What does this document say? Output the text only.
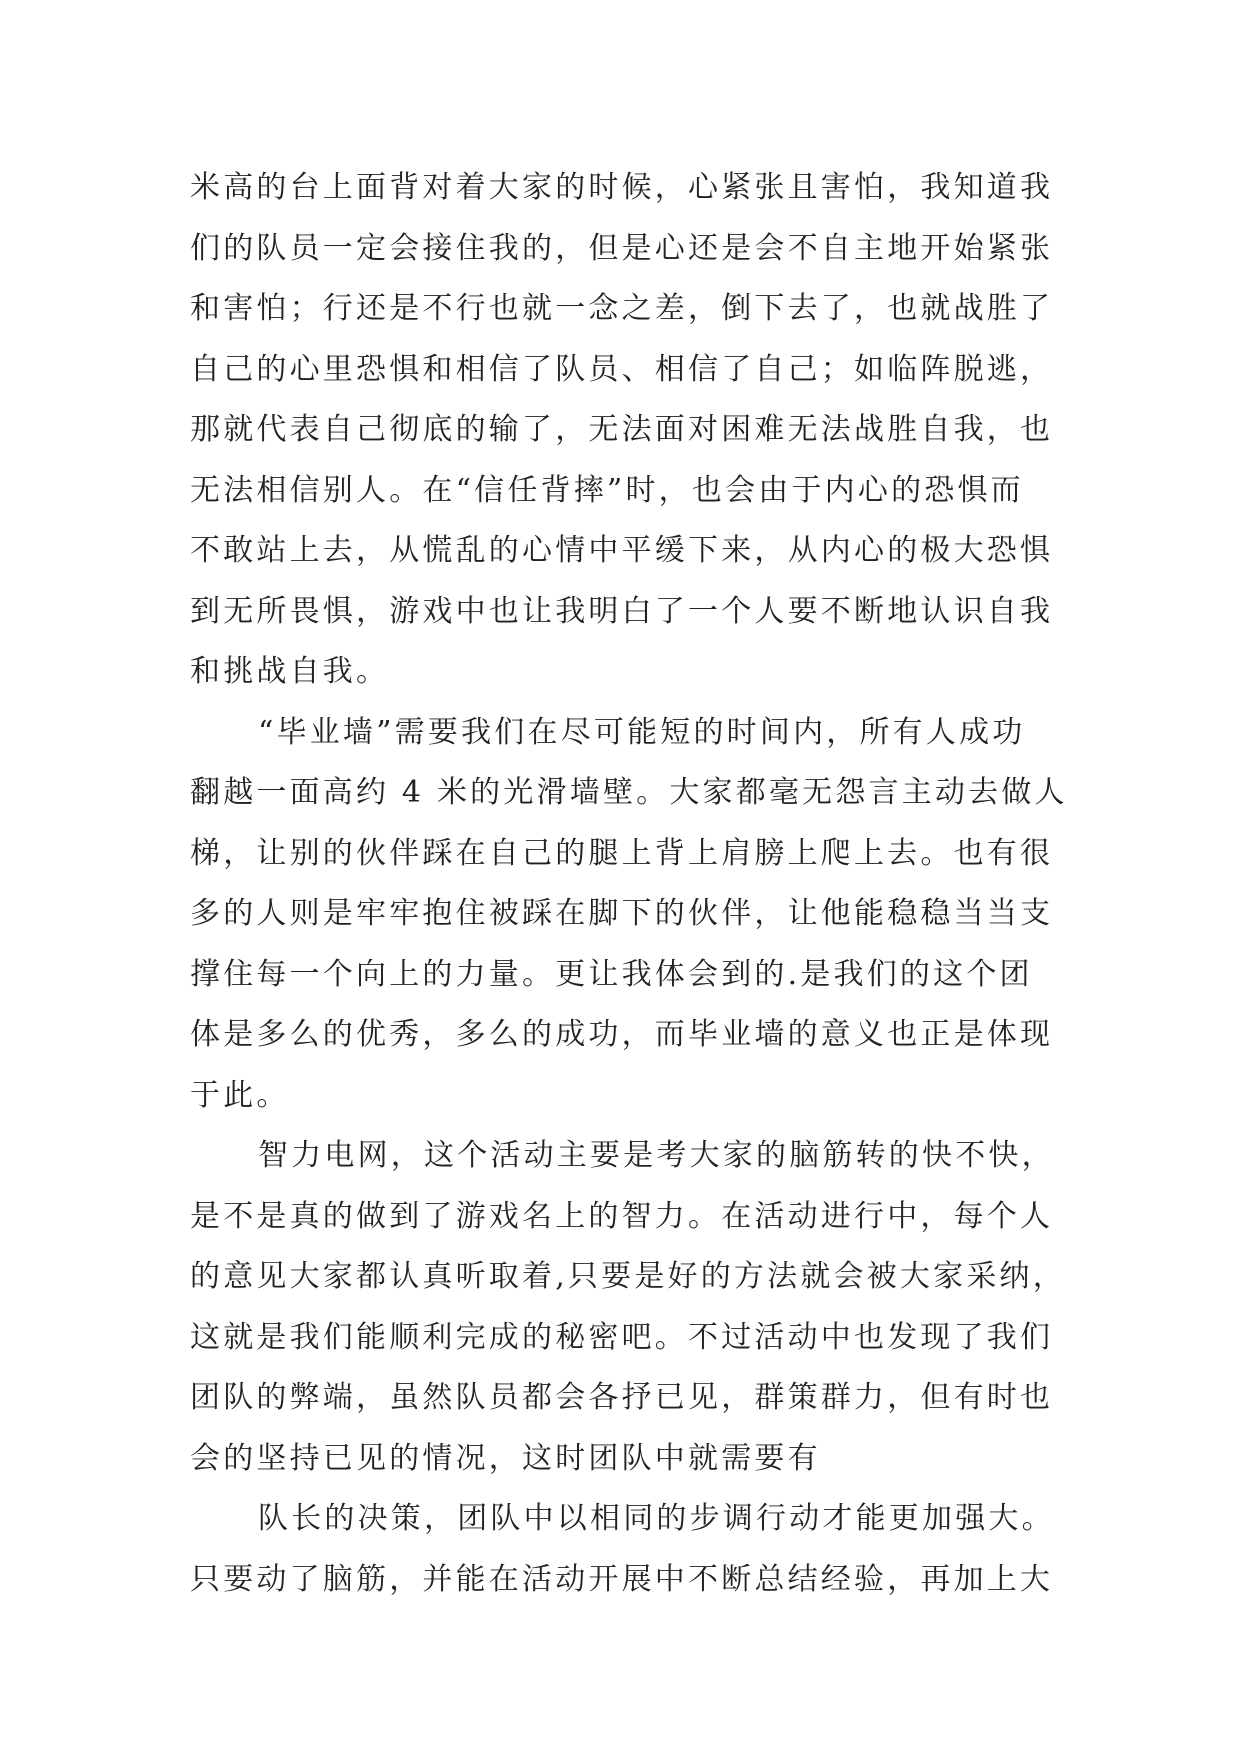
米高的台上面背对着大家的时候，心紧张且害怕，我知道我
们的队员一定会接住我的，但是心还是会不自主地开始紧张
和害怕；行还是不行也就一念之差，倒下去了，也就战胜了
自己的心里恐惧和相信了队员、相信了自己；如临阵脱逃，
那就代表自己彻底的输了，无法面对困难无法战胜自我，也
无法相信别人。在“信任背摔”时，也会由于内心的恐惧而
不敢站上去，从慌乱的心情中平缓下来，从内心的极大恐惧
到无所畏惧，游戏中也让我明白了一个人要不断地认识自我
和挑战自我。
“毕业墙”需要我们在尽可能短的时间内，所有人成功
翻越一面高约 4 米的光滑墙壁。大家都毫无怨言主动去做人
梯，让别的伙伴踩在自己的腿上背上肩膀上爬上去。也有很
多的人则是牢牢抱住被踩在脚下的伙伴，让他能稳稳当当支
撑住每一个向上的力量。更让我体会到的.是我们的这个团
体是多么的优秀，多么的成功，而毕业墙的意义也正是体现
于此。
智力电网，这个活动主要是考大家的脑筋转的快不快，
是不是真的做到了游戏名上的智力。在活动进行中，每个人
的意见大家都认真听取着,只要是好的方法就会被大家采纳，
这就是我们能顺利完成的秘密吧。不过活动中也发现了我们
团队的弊端，虽然队员都会各抒已见，群策群力，但有时也
会的坚持已见的情况，这时团队中就需要有
队长的决策，团队中以相同的步调行动才能更加强大。
只要动了脑筋，并能在活动开展中不断总结经验，再加上大
